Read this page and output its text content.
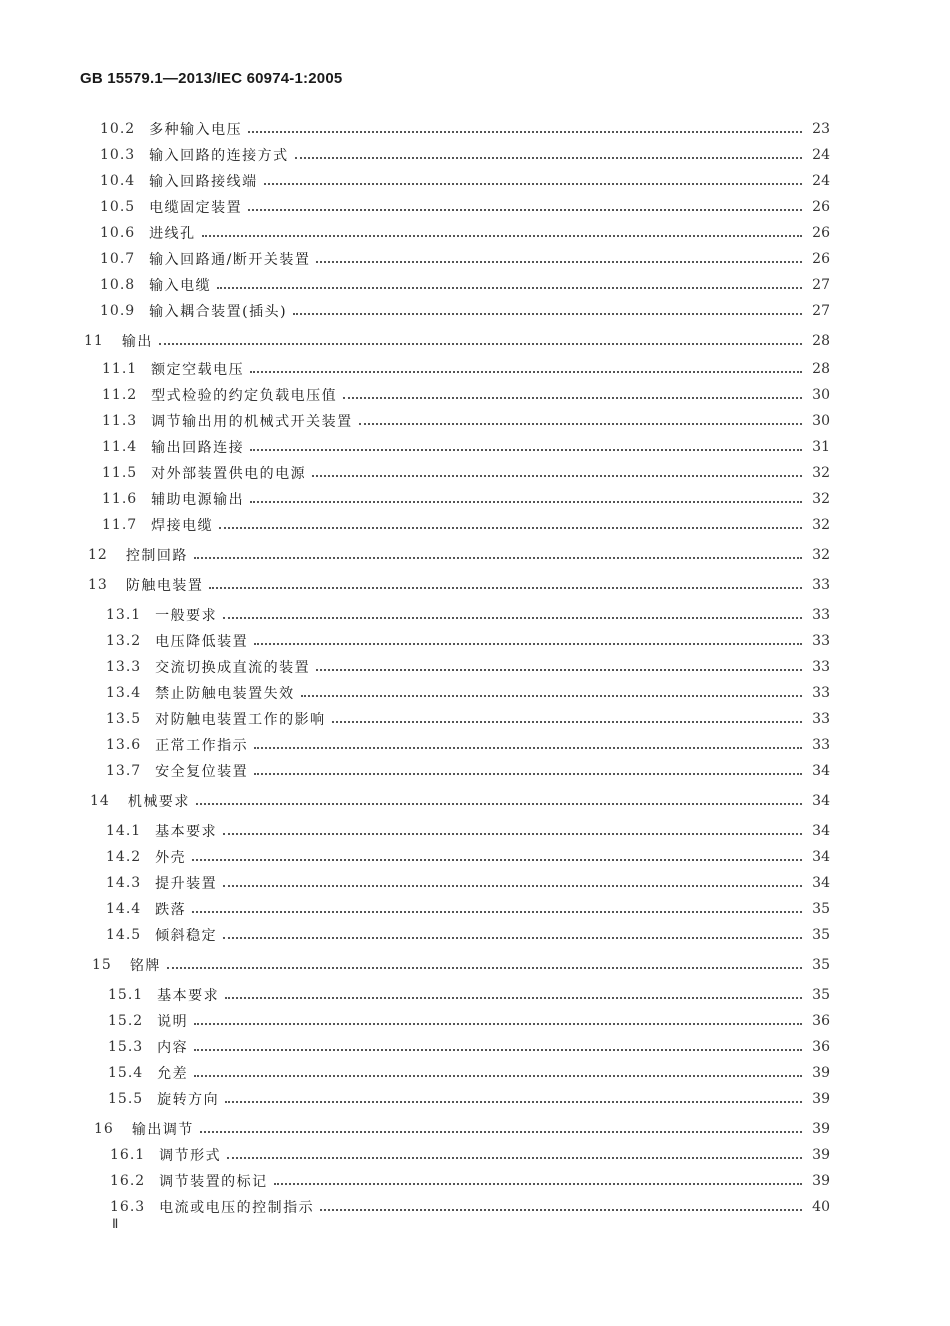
GB 15579.1—2013/IEC 60974-1:2005
10.2 多种输入电压	23
10.3 输入回路的连接方式	24
10.4 输入回路接线端	24
10.5 电缆固定装置	26
10.6 进线孔	26
10.7 输入回路通/断开关装置	26
10.8 输入电缆	27
10.9 输入耦合装置(插头)	27
11 输出	28
11.1 额定空载电压	28
11.2 型式检验的约定负载电压值	30
11.3 调节输出用的机械式开关装置	30
11.4 输出回路连接	31
11.5 对外部装置供电的电源	32
11.6 辅助电源输出	32
11.7 焊接电缆	32
12 控制回路	32
13 防触电装置	33
13.1 一般要求	33
13.2 电压降低装置	33
13.3 交流切换成直流的装置	33
13.4 禁止防触电装置失效	33
13.5 对防触电装置工作的影响	33
13.6 正常工作指示	33
13.7 安全复位装置	34
14 机械要求	34
14.1 基本要求	34
14.2 外壳	34
14.3 提升装置	34
14.4 跌落	35
14.5 倾斜稳定	35
15 铭牌	35
15.1 基本要求	35
15.2 说明	36
15.3 内容	36
15.4 允差	39
15.5 旋转方向	39
16 输出调节	39
16.1 调节形式	39
16.2 调节装置的标记	39
16.3 电流或电压的控制指示	40
Ⅱ
